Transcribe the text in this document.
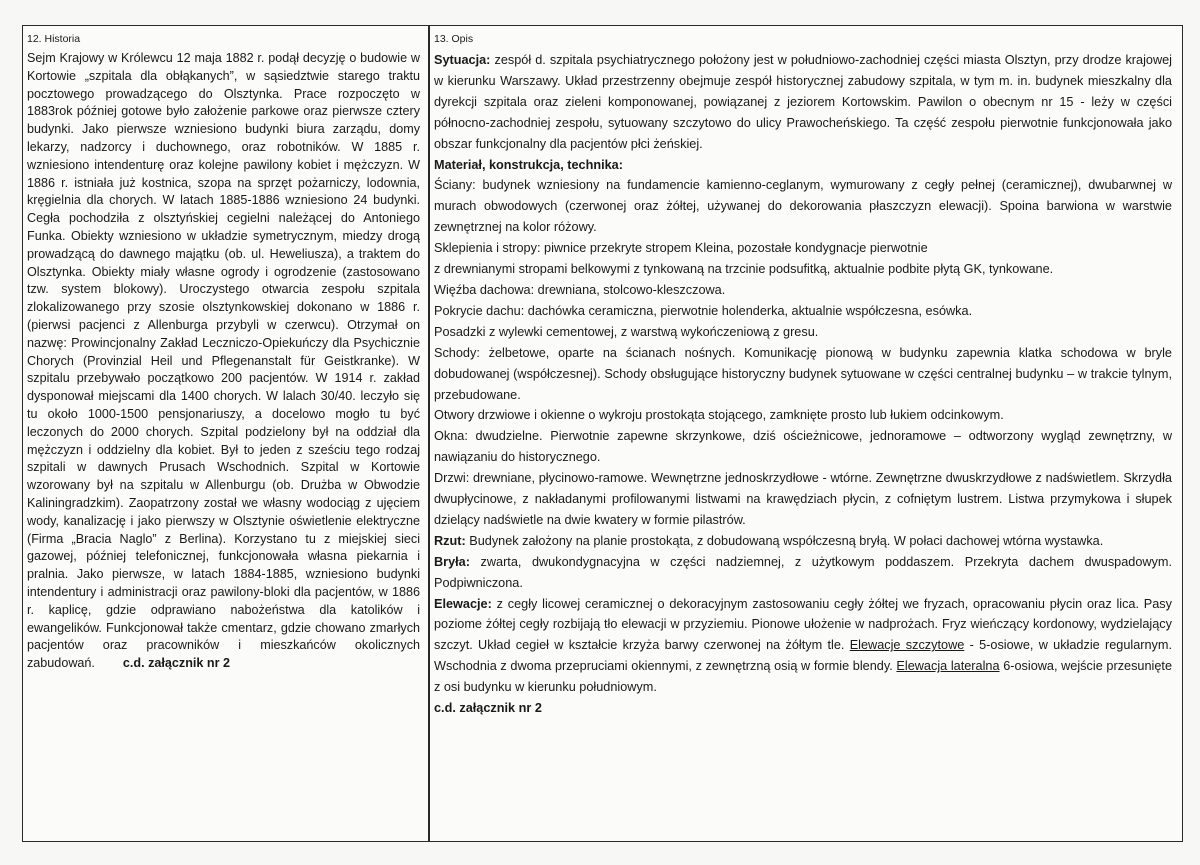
12. Historia
Sejm Krajowy w Królewcu 12 maja 1882 r. podął decyzję o budowie w Kortowie „szpitala dla obłąkanych”, w sąsiedztwie starego traktu pocztowego prowadzącego do Olsztynka. Prace rozpoczęto w 1883rok później gotowe było założenie parkowe oraz pierwsze cztery budynki. Jako pierwsze wzniesiono budynki biura zarządu, domy lekarzy, nadzorcy i duchownego, oraz robotników. W 1885 r. wzniesiono intendenturę oraz kolejne pawilony kobiet i mężczyzn. W 1886 r. istniała już kostnica, szopa na sprzęt pożarniczy, lodownia, kręgielnia dla chorych. W latach 1885-1886 wzniesiono 24 budynki. Cegła pochodziła z olsztyńskiej cegielni należącej do Antoniego Funka. Obiekty wzniesiono w układzie symetrycznym, miedzy drogą prowadzącą do dawnego majątku (ob. ul. Heweliusza), a traktem do Olsztynka. Obiekty miały własne ogrody i ogrodzenie (zastosowano tzw. system blokowy). Uroczystego otwarcia zespołu szpitala zlokalizowanego przy szosie olsztynkowskiej dokonano w 1886 r. (pierwsi pacjenci z Allenburga przybyli w czerwcu). Otrzymał on nazwę: Prowincjonalny Zakład Leczniczo-Opiekuńczy dla Psychicznie Chorych (Provinzial Heil und Pflegenanstalt für Geistkranke). W szpitalu przebywało początkowo 200 pacjentów. W 1914 r. zakład dysponował miejscami dla 1400 chorych. W lalach 30/40. leczyło się tu około 1000-1500 pensjonariuszy, a docelowo mogło tu być leczonych do 2000 chorych. Szpital podzielony był na oddział dla mężczyzn i oddzielny dla kobiet. Był to jeden z sześciu tego rodzaj szpitali w dawnych Prusach Wschodnich. Szpital w Kortowie wzorowany był na szpitalu w Allenburgu (ob. Drużba w Obwodzie Kaliningradzkim). Zaopatrzony został we własny wodociąg z ujęciem wody, kanalizację i jako pierwszy w Olsztynie oświetlenie elektryczne (Firma „Bracia Naglo” z Berlina). Korzystano tu z miejskiej sieci gazowej, później telefonicznej, funkcjonowała własna piekarnia i pralnia. Jako pierwsze, w latach 1884-1885, wzniesiono budynki intendentury i administracji oraz pawilony-bloki dla pacjentów, w 1886 r. kaplicę, gdzie odprawiano nabożeństwa dla katolików i ewangelików. Funkcjonował także cmentarz, gdzie chowano zmarłych pacjentów oraz pracowników i mieszkańców okolicznych zabudowań. c.d. załącznik nr 2
13. Opis

Sytuacja: zespół d. szpitala psychiatrycznego położony jest w południowo-zachodniej części miasta Olsztyn, przy drodze krajowej w kierunku Warszawy. Układ przestrzenny obejmuje zespół historycznej zabudowy szpitala, w tym m. in. budynek mieszkalny dla dyrekcji szpitala oraz zieleni komponowanej, powiązanej z jeziorem Kortowskim. Pawilon o obecnym nr 15 - leży w części północno-zachodniej zespołu, sytuowany szczytowo do ulicy Prawocheńskiego. Ta część zespołu pierwotnie funkcjonowała jako obszar funkcjonalny dla pacjentów płci żeńskiej.

Materiał, konstrukcja, technika:

Ściany: budynek wzniesiony na fundamencie kamienno-ceglanym, wymurowany z cegły pełnej (ceramicznej), dwubarwnej w murach obwodowych (czerwonej oraz żółtej, używanej do dekorowania płaszczyzn elewacji). Spoina barwiona w warstwie zewnętrznej na kolor różowy.

Sklepienia i stropy: piwnice przekryte stropem Kleina, pozostałe kondygnacje pierwotnie

z drewnianymi stropami belkowymi z tynkowaną na trzcinie podsufitką, aktualnie podbite płytą GK, tynkowane.

Więźba dachowa: drewniana, stolcowo-kleszczowa.

Pokrycie dachu: dachówka ceramiczna, pierwotnie holenderka, aktualnie współczesna, esówka.

Posadzki z wylewki cementowej, z warstwą wykończeniową z gresu.

Schody: żelbetowe, oparte na ścianach nośnych. Komunikację pionową w budynku zapewnia klatka schodowa w bryle dobudowanej (współczesnej). Schody obsługujące historyczny budynek sytuowane w części centralnej budynku – w trakcie tylnym, przebudowane.

Otwory drzwiowe i okienne o wykroju prostokąta stojącego, zamknięte prosto lub łukiem odcinkowym.

Okna: dwudzielne. Pierwotnie zapewne skrzynkowe, dziś ościeżnicowe, jednoramowe – odtworzony wygląd zewnętrzny, w nawiązaniu do historycznego.

Drzwi: drewniane, płycinowo-ramowe. Wewnętrzne jednoskrzydłowe - wtórne. Zewnętrzne dwuskrzydłowe z nadświetlem. Skrzydła dwupłycinowe, z nakładanymi profilowanymi listwami na krawędziach płycin, z cofniętym lustrem. Listwa przymykowa i słupek dzielący nadświetle na dwie kwatery w formie pilastrów.

Rzut: Budynek założony na planie prostokąta, z dobudowaną współczesną bryłą. W połaci dachowej wtórna wystawka.

Bryła: zwarta, dwukondygnacyjna w części nadziemnej, z użytkowym poddaszem. Przekryta dachem dwuspadowym. Podpiwniczona.

Elewacje: z cegły licowej ceramicznej o dekoracyjnym zastosowaniu cegły żółtej we fryzach, opracowaniu płycin oraz lica. Pasy poziome żółtej cegły rozbijają tło elewacji w przyziemiu. Pionowe ułożenie w nadprożach. Fryz wieńczący kordonowy, wydzielający szczyt. Układ cegieł w kształcie krzyża barwy czerwonej na żółtym tle. Elewacje szczytowe - 5-osiowe, w układzie regularnym. Wschodnia z dwoma przepruciami okiennymi, z zewnętrzną osią w formie blendy. Elewacja lateralna 6-osiowa, wejście przesunięte z osi budynku w kierunku południowym.

c.d. załącznik nr 2
